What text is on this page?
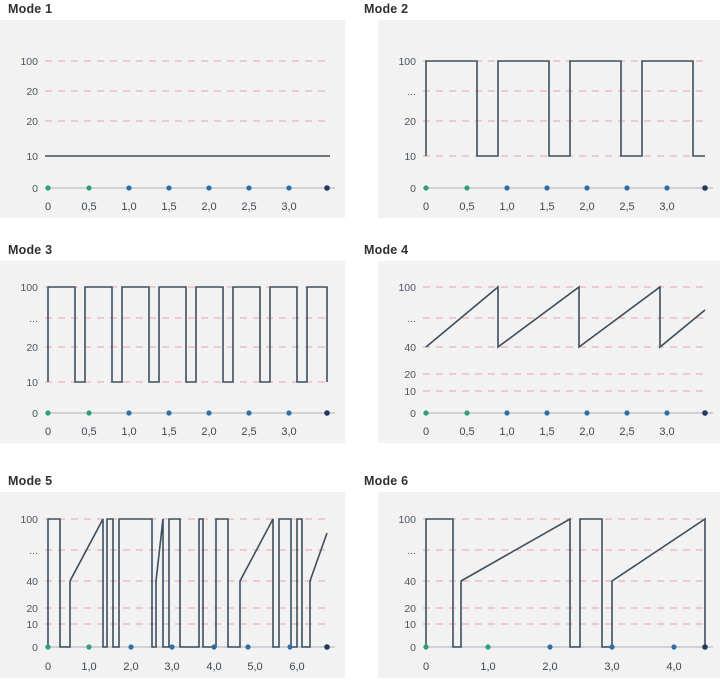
Mode 1
100
20
20
10
0
0	0,5 1,0 1,5 2,0 2,5 3,0
Mode 2
100
...
20
10
0
0	0,5 1,0 1,5 2,0 2,5 3,0
Mode 3
100
...
20
10
0
0	0,5 1,0 1,5 2,0 2,5 3,0
Mode 4
100
...
40
20
10
0
0	0,5 1,0 1,5 2,0 2,5 3,0
Mode 5
100
...
40
20
10
0
0	1,0 2,0 3,0 4,0 5,0 6,0
Mode 6
100
...
40
20
10
0
0	1,0	2,0	3,0	4,0
